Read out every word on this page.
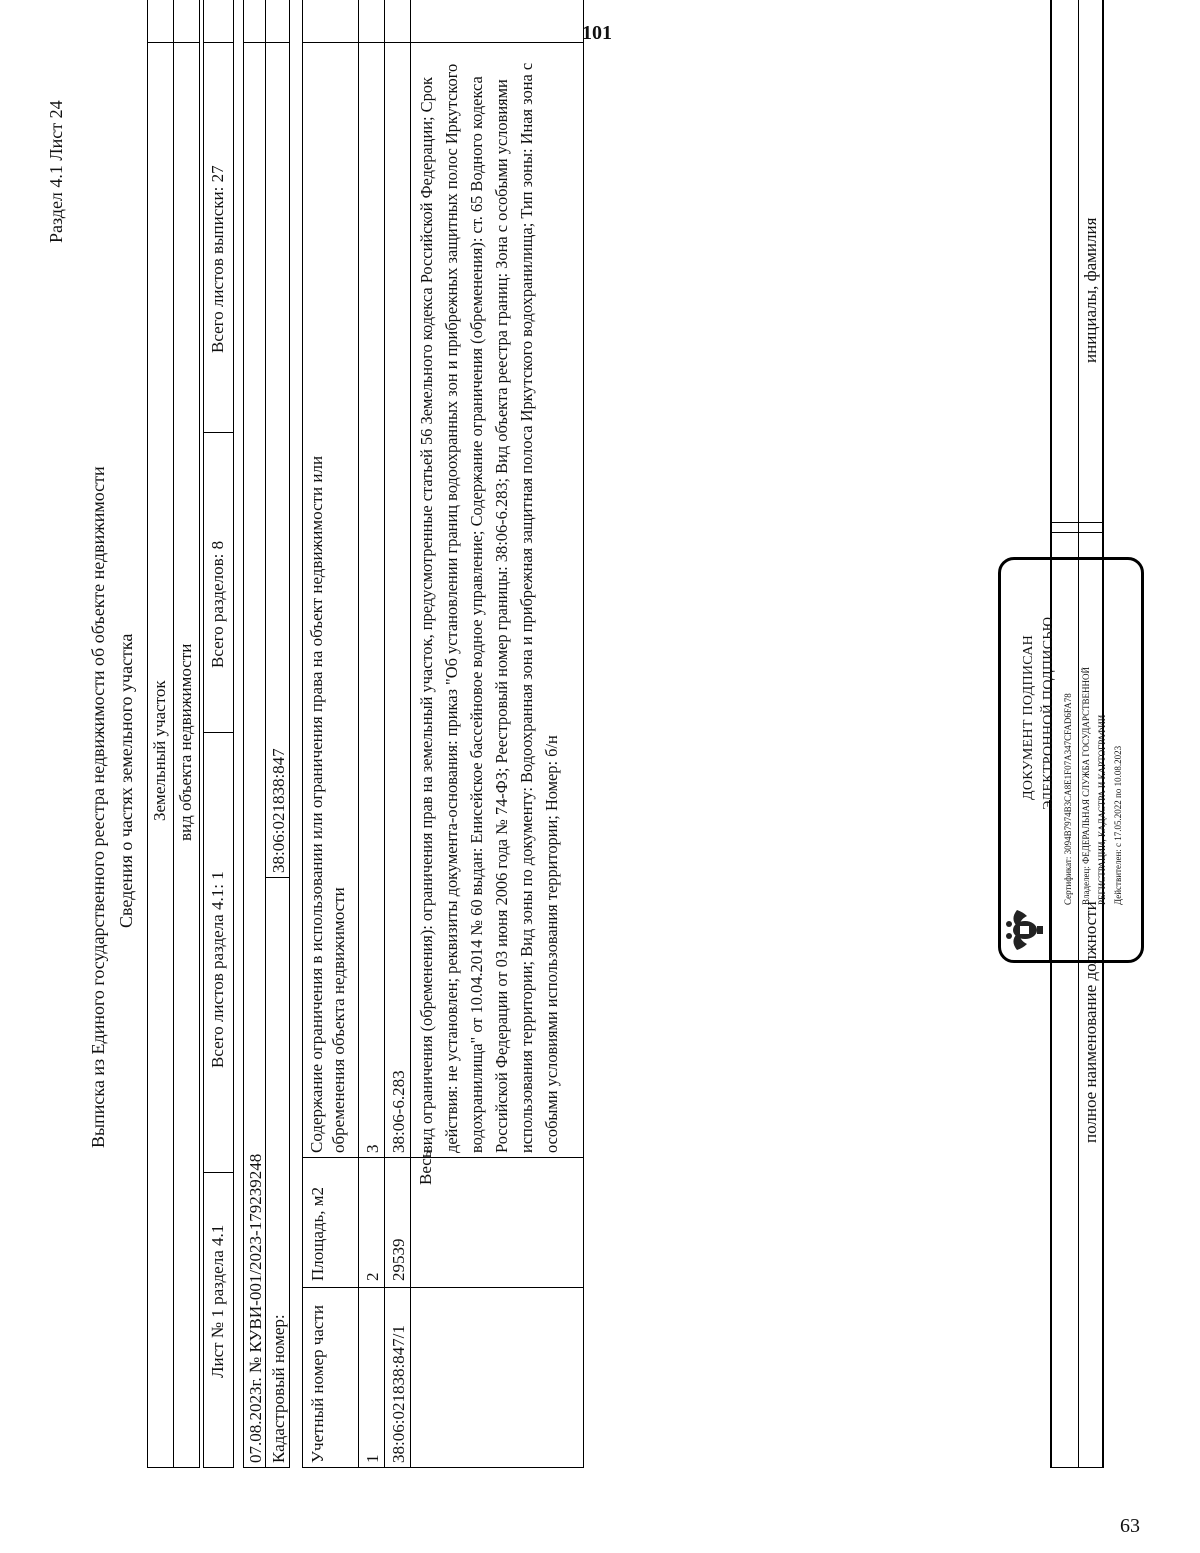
101
63
Раздел 4.1 Лист 24
Выписка из Единого государственного реестра недвижимости об объекте недвижимости Сведения о частях земельного участка Земельный участок вид объекта недвижимости
Лист № 1 раздела 4.1
Всего листов раздела 4.1: 1
Всего разделов: 8
Всего листов выписки: 27
07.08.2023г. № КУВИ-001/2023-179239248 Кадастровый номер:
38:06:021838:847
Учетный номер части
Площадь, м2
Содержание ограничения в использовании или ограничения права на объект недвижимости или обременения объекта недвижимости
1
2
3
38:06:021838:847/1
29539
38:06-6.283
Весь
вид ограничения (обременения): ограничения прав на земельный участок, предусмотренные статьей 56 Земельного кодекса Российской Федерации; Срок действия: не установлен; реквизиты документа-основания: приказ "Об установлении границ водоохранных зон и прибрежных защитных полос Иркутского водохранилища" от 10.04.2014 № 60 выдан: Енисейское бассейновое водное управление; Содержание ограничения (обременения): ст. 65 Водного кодекса Российской Федерации от 03 июня 2006 года № 74-ФЗ; Реестровый номер границы: 38:06-6.283; Вид объекта реестра границ: Зона с особыми условиями использования территории; Вид зоны по документу: Водоохранная зона и прибрежная защитная полоса Иркутского водохранилища; Тип зоны: Иная зона с особыми условиями использования территории; Номер: б/н	полное наименование должности
инициалы, фамилия
ДОКУМЕНТ ПОДПИСАН ЭЛЕКТРОННОЙ ПОДПИСЬЮ Сертификат: 3094B7974B3CA8E1F07A347CFAD6FA78 Владелец: ФЕДЕРАЛЬНАЯ СЛУЖБА ГОСУДАРСТВЕННОЙ РЕГИСТРАЦИИ, КАДАСТРА И КАРТОГРАФИИ Действителен: с 17.05.2022 по 10.08.2023
